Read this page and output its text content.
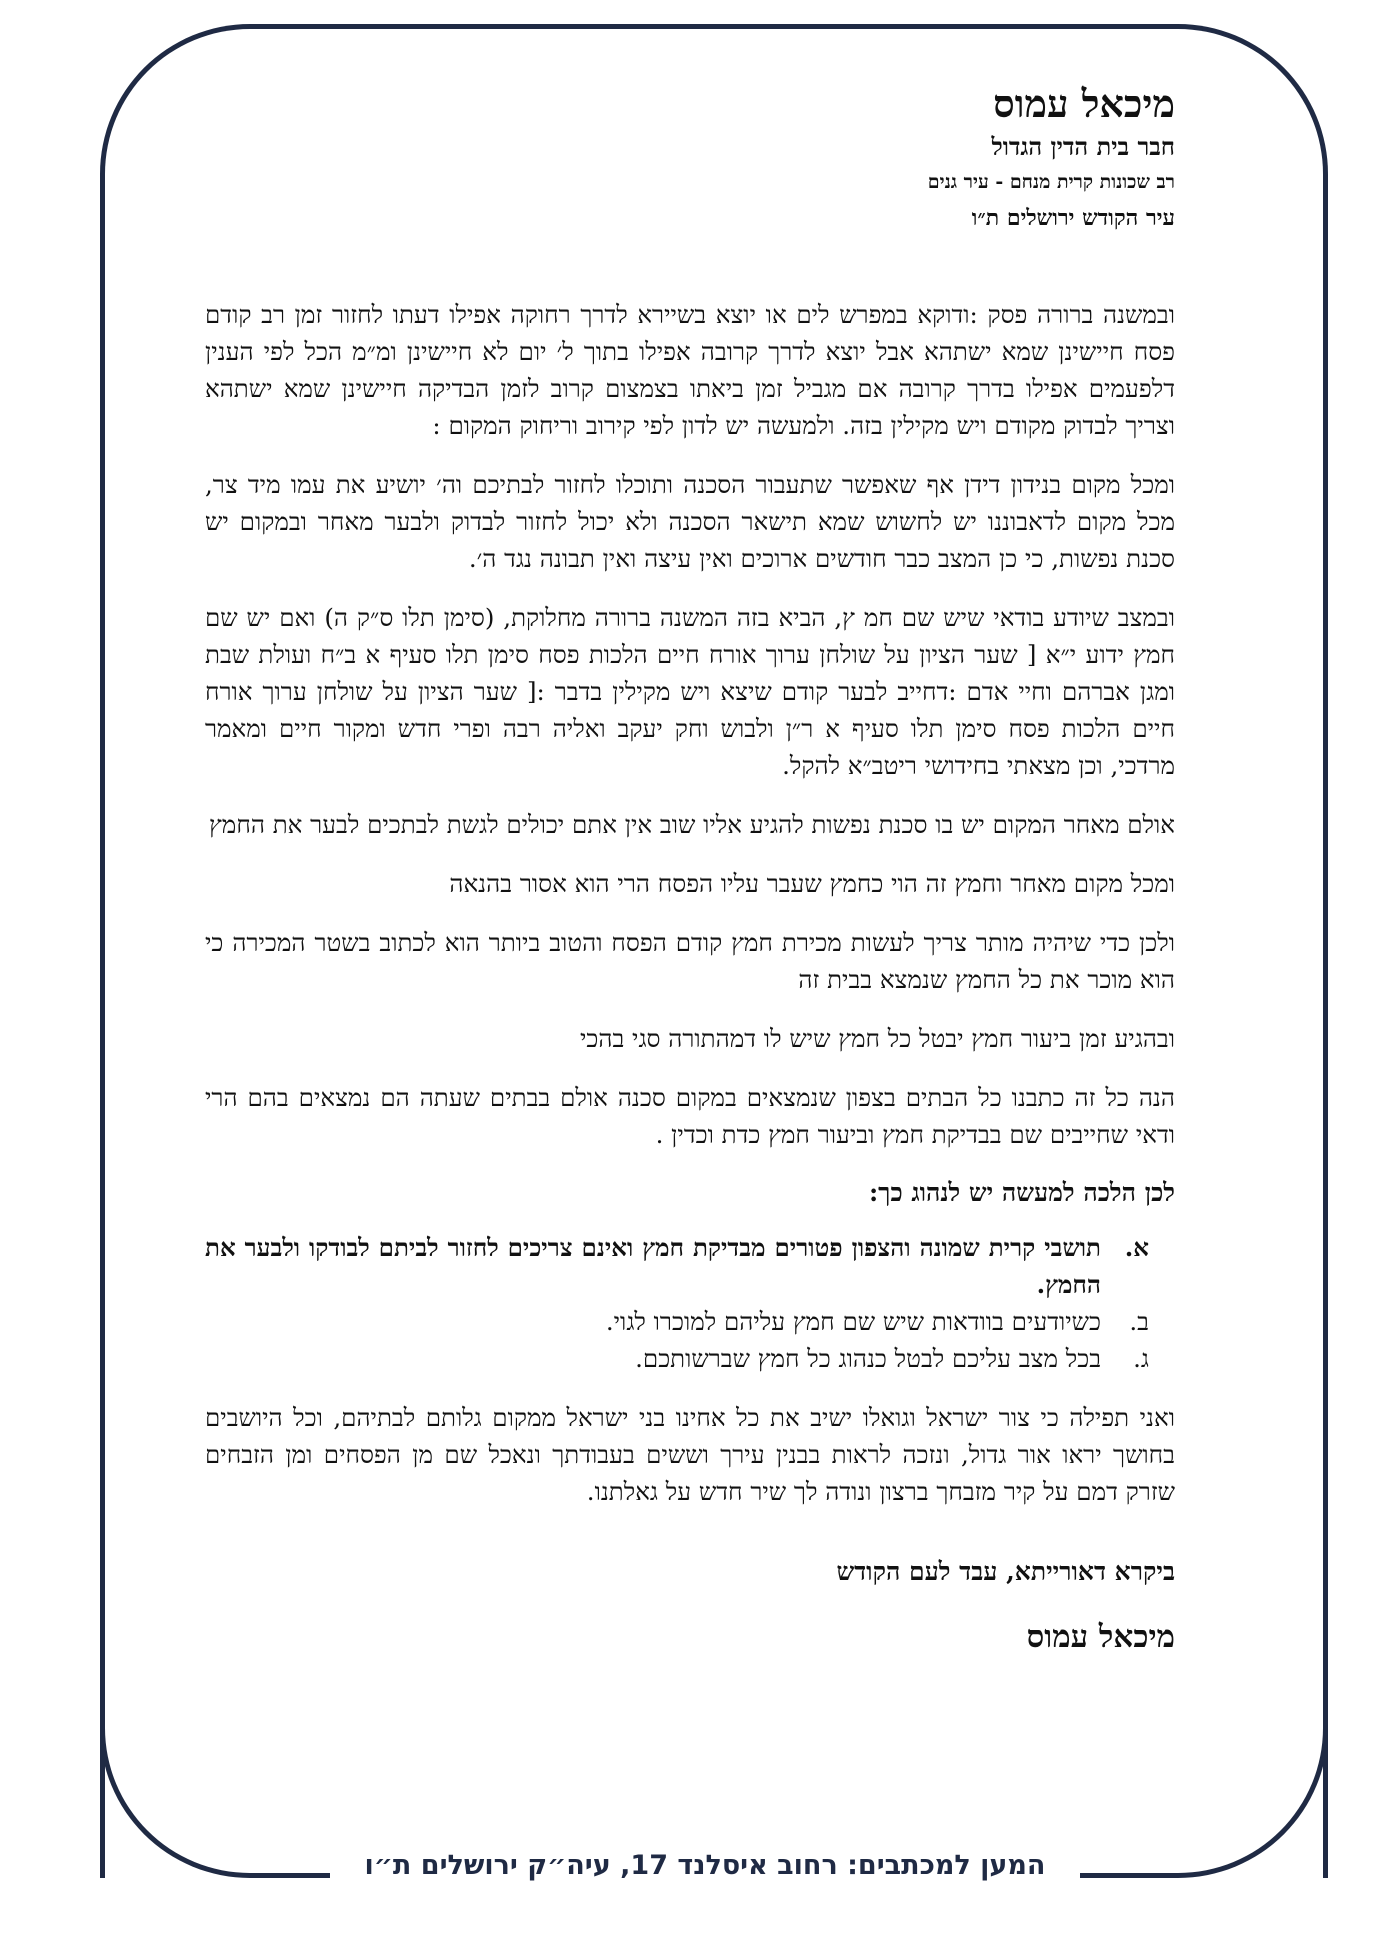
מיכאל עמוס
חבר בית הדין הגדול
רב שכונות קרית מנחם - עיר גנים
עיר הקודש ירושלים ת״ו

ובמשנה ברורה פסק :ודוקא במפרש לים או יוצא בשיירא לדרך רחוקה אפילו דעתו לחזור זמן רב קודם פסח חיישינן שמא ישתהא אבל יוצא לדרך קרובה אפילו בתוך ל׳ יום לא חיישינן ומ״מ הכל לפי הענין דלפעמים אפילו בדרך קרובה אם מגביל זמן ביאתו בצמצום קרוב לזמן הבדיקה חיישינן שמא ישתהא וצריך לבדוק מקודם ויש מקילין בזה. ולמעשה יש לדון לפי קירוב וריחוק המקום :

ומכל מקום בנידון דידן אף שאפשר שתעבור הסכנה ותוכלו לחזור לבתיכם וה׳ יושיע את עמו מיד צר, מכל מקום לדאבוננו יש לחשוש שמא תישאר הסכנה ולא יכול לחזור לבדוק ולבער מאחר ובמקום יש סכנת נפשות, כי כן המצב כבר חודשים ארוכים ואין עיצה ואין תבונה נגד ה׳.

ובמצב שיודע בודאי שיש שם חמ ץ, הביא בזה המשנה ברורה מחלוקת, (סימן תלו ס״ק ה) ואם יש שם חמץ ידוע י״א [ שער הציון על שולחן ערוך אורח חיים הלכות פסח סימן תלו סעיף א ב״ח ועולת שבת ומגן אברהם וחיי אדם :דחייב לבער קודם שיצא ויש מקילין בדבר :[ שער הציון על שולחן ערוך אורח חיים הלכות פסח סימן תלו סעיף א ר״ן ולבוש וחק יעקב ואליה רבה ופרי חדש ומקור חיים ומאמר מרדכי, וכן מצאתי בחידושי ריטב״א להקל.

אולם מאחר המקום יש בו סכנת נפשות להגיע אליו שוב אין אתם יכולים לגשת לבתכים לבער את החמץ

ומכל מקום מאחר וחמץ זה הוי כחמץ שעבר עליו הפסח הרי הוא אסור בהנאה

ולכן כדי שיהיה מותר צריך לעשות מכירת חמץ קודם הפסח והטוב ביותר הוא לכתוב בשטר המכירה כי הוא מוכר את כל החמץ שנמצא בבית זה

ובהגיע זמן ביעור חמץ יבטל כל חמץ שיש לו דמהתורה סגי בהכי

הנה כל זה כתבנו כל הבתים בצפון שנמצאים במקום סכנה אולם בבתים שעתה הם נמצאים בהם הרי ודאי שחייבים שם בבדיקת חמץ וביעור חמץ כדת וכדין .

לכן הלכה למעשה יש לנהוג כך:
א.
תושבי קרית שמונה והצפון פטורים מבדיקת חמץ ואינם צריכים לחזור לביתם לבודקו ולבער את החמץ.
ב.
כשיודעים בוודאות שיש שם חמץ עליהם למוכרו לגוי.
ג.
בכל מצב עליכם לבטל כנהוג כל חמץ שברשותכם.

ואני תפילה כי צור ישראל וגואלו ישיב את כל אחינו בני ישראל ממקום גלותם לבתיהם, וכל היושבים בחושך יראו אור גדול, ונזכה לראות בבנין עירך וששים בעבודתך ונאכל שם מן הפסחים ומן הזבחים שזרק דמם על קיר מזבחך ברצון ונודה לך שיר חדש על גאלתנו.

ביקרא דאורייתא, עבד לעם הקודש
מיכאל עמוס
המען למכתבים: רחוב איסלנד 17, עיה״ק ירושלים ת״ו
